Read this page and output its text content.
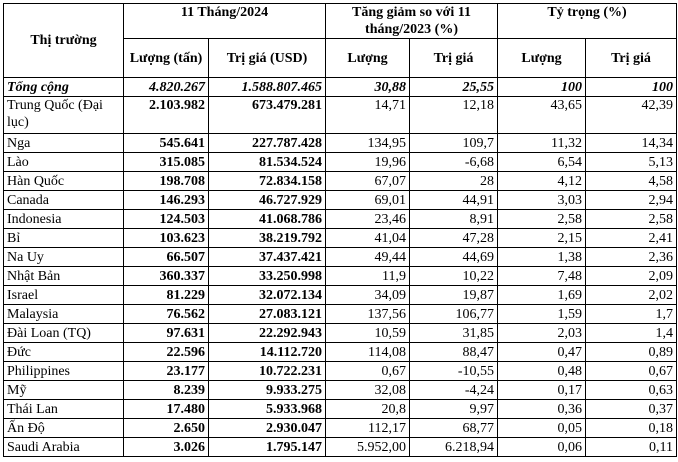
Thị trường	11 Tháng/2024		Tăng giảm so với 11 tháng/2023 (%)		Tỷ trọng (%)	
	Lượng (tấn)	Trị giá (USD)	Lượng	Trị giá	Lượng	Trị giá
Tổng cộng	4.820.267	1.588.807.465	30,88	25,55	100	100
Trung Quốc (Đại lục)	2.103.982	673.479.281	14,71	12,18	43,65	42,39
Nga	545.641	227.787.428	134,95	109,7	11,32	14,34
Lào	315.085	81.534.524	19,96	-6,68	6,54	5,13
Hàn Quốc	198.708	72.834.158	67,07	28	4,12	4,58
Canada	146.293	46.727.929	69,01	44,91	3,03	2,94
Indonesia	124.503	41.068.786	23,46	8,91	2,58	2,58
Bỉ	103.623	38.219.792	41,04	47,28	2,15	2,41
Na Uy	66.507	37.437.421	49,44	44,69	1,38	2,36
Nhật Bản	360.337	33.250.998	11,9	10,22	7,48	2,09
Israel	81.229	32.072.134	34,09	19,87	1,69	2,02
Malaysia	76.562	27.083.121	137,56	106,77	1,59	1,7
Đài Loan (TQ)	97.631	22.292.943	10,59	31,85	2,03	1,4
Đức	22.596	14.112.720	114,08	88,47	0,47	0,89
Philippines	23.177	10.722.231	0,67	-10,55	0,48	0,67
Mỹ	8.239	9.933.275	32,08	-4,24	0,17	0,63
Thái Lan	17.480	5.933.968	20,8	9,97	0,36	0,37
Ấn Độ	2.650	2.930.047	112,17	68,77	0,05	0,18
Saudi Arabia	3.026	1.795.147	5.952,00	6.218,94	0,06	0,11
